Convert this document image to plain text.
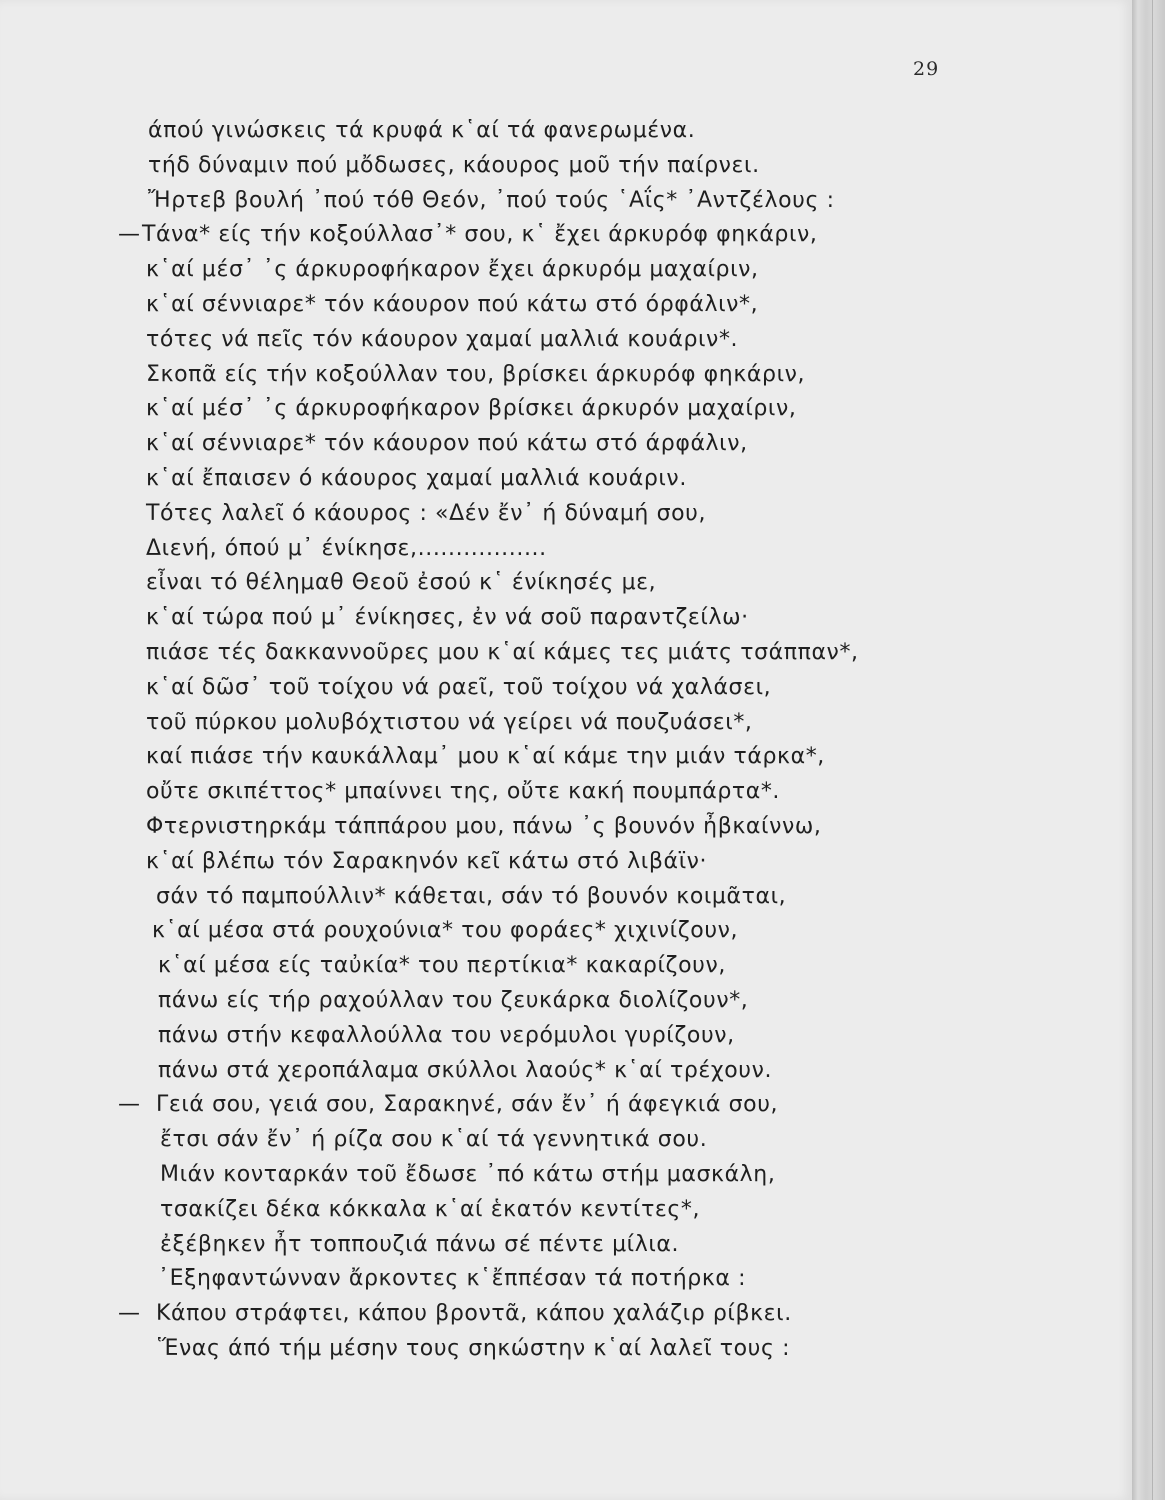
29
άπού γινώσκεις τά κρυφά κ῾αί τά φανερωμένα.
τήδ δύναμιν πού μὄδωσες, κάουρος μοῦ τήν παίρνει.
Ἤρτεβ βουλή ᾿πού τόθ Θεόν, ᾿πού τούς ῾Αΐς* ᾿Αντζέλους :
— Τάνα* είς τήν κοξούλλασ᾿* σου, κ῾ ἔχει άρκυρόφ φηκάριν,
κ῾αί μέσ᾿ ᾿ς άρκυροφήκαρον ἔχει άρκυρόμ μαχαίριν,
κ῾αί σέννιαρε* τόν κάουρον πού κάτω στό όρφάλιν*,
τότες νά πεῖς τόν κάουρον χαμαί μαλλιά κουάριν*.
Σκοπᾶ είς τήν κοξούλλαν του, βρίσκει άρκυρόφ φηκάριν,
κ῾αί μέσ᾿ ᾿ς άρκυροφήκαρον βρίσκει άρκυρόν μαχαίριν,
κ῾αί σέννιαρε* τόν κάουρον πού κάτω στό άρφάλιν,
κ῾αί ἔπαισεν ό κάουρος χαμαί μαλλιά κουάριν.
Τότες λαλεῖ ό κάουρος : «Δέν ἔν᾿ ή δύναμή σου,
Διενή, όπού μ᾿ ένίκησε,.................
εἶναι τό θέλημαθ Θεοῦ ἐσού κ῾ ένίκησές με,
κ῾αί τώρα πού μ᾿ ένίκησες, ἐν νά σοῦ παραντζείλω·
πιάσε τές δακκαννοῦρες μου κ῾αί κάμες τες μιάτς τσάππαν*,
κ῾αί δῶσ᾿ τοῦ τοίχου νά ραεῖ, τοῦ τοίχου νά χαλάσει,
τοῦ πύρκου μολυβόχτιστου νά γείρει νά πουζυάσει*,
καί πιάσε τήν καυκάλλαμ᾿ μου κ῾αί κάμε την μιάν τάρκα*,
οὔτε σκιπέττος* μπαίννει της, οὔτε κακή πουμπάρτα*.
Φτερνιστηρκάμ τάππάρου μου, πάνω ᾿ς βουνόν ἦβκαίννω,
κ῾αί βλέπω τόν Σαρακηνόν κεῖ κάτω στό λιβάϊν·
σάν τό παμπούλλιν* κάθεται, σάν τό βουνόν κοιμᾶται,
κ῾αί μέσα στά ρουχούνια* του φοράες* χιχινίζουν,
κ῾αί μέσα είς ταὐκία* του περτίκια* κακαρίζουν,
πάνω είς τήρ ραχούλλαν του ζευκάρκα διολίζουν*,
πάνω στήν κεφαλλούλλα του νερόμυλοι γυρίζουν,
πάνω στά χεροπάλαμα σκύλλοι λαούς* κ῾αί τρέχουν.
— Γειά σου, γειά σου, Σαρακηνέ, σάν ἔν᾿ ή άφεγκιά σου,
ἔτσι σάν ἔν᾿ ή ρίζα σου κ῾αί τά γεννητικά σου.
Μιάν κονταρκάν τοῦ ἔδωσε ᾿πό κάτω στήμ μασκάλη,
τσακίζει δέκα κόκκαλα κ῾αί ἑκατόν κεντίτες*,
ἐξέβηκεν ἦτ τοππουζιά πάνω σέ πέντε μίλια.
᾿Εξηφαντώνναν ἄρκοντες κ῾ἔππέσαν τά ποτήρκα :
— Κάπου στράφτει, κάπου βροντᾶ, κάπου χαλάζιρ ρίβκει.
Ἕνας άπό τήμ μέσην τους σηκώστην κ῾αί λαλεῖ τους :
